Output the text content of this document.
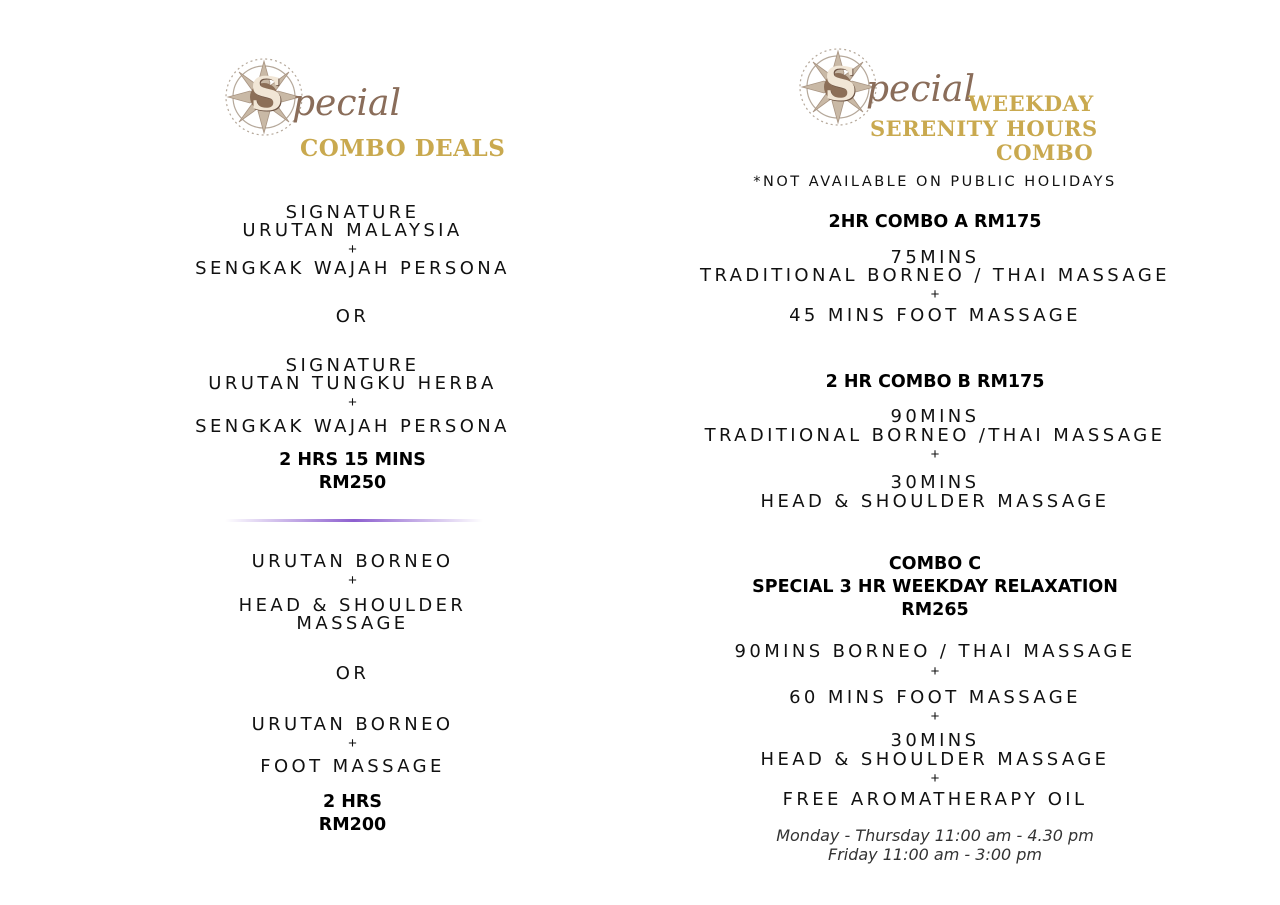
S pecial
COMBO DEALS
SIGNATURE
URUTAN MALAYSIA
+
SENGKAK WAJAH PERSONA
OR
SIGNATURE
URUTAN TUNGKU HERBA
+
SENGKAK WAJAH PERSONA
2 HRS 15 MINS
RM250
URUTAN BORNEO
+
HEAD & SHOULDER
MASSAGE
OR
URUTAN BORNEO
+
FOOT MASSAGE
2 HRS
RM200
S pecial
WEEKDAY
SERENITY HOURS
COMBO
*NOT AVAILABLE ON PUBLIC HOLIDAYS
2HR COMBO A RM175
75MINS
TRADITIONAL BORNEO / THAI MASSAGE
+
45 MINS FOOT MASSAGE
2 HR COMBO B RM175
90MINS
TRADITIONAL BORNEO /THAI MASSAGE
+
30MINS
HEAD & SHOULDER MASSAGE
COMBO C
SPECIAL 3 HR WEEKDAY RELAXATION
RM265
90MINS BORNEO / THAI MASSAGE
+
60 MINS FOOT MASSAGE
+
30MINS
HEAD & SHOULDER MASSAGE
+
FREE AROMATHERAPY OIL
Monday - Thursday 11:00 am - 4.30 pm
Friday 11:00 am - 3:00 pm
